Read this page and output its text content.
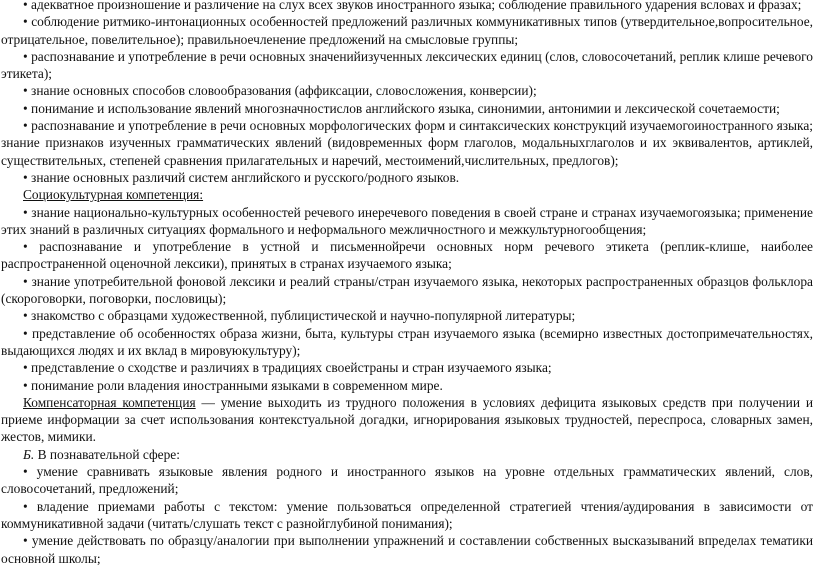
• адекватное произношение и различение на слух всех звуков иностранного языка; соблюдение правильного ударения всловах и фразах;

• соблюдение ритмико-интонационных особенностей предложений различных коммуникативных типов (утвердительное,вопросительное, отрицательное, повелительное); правильноечленение предложений на смысловые группы;

• распознавание и употребление в речи основных значенийизученных лексических единиц (слов, словосочетаний, реплик клише речевого этикета);

• знание основных способов словообразования (аффиксации, словосложения, конверсии);

• понимание и использование явлений многозначностислов английского языка, синонимии, антонимии и лексической сочетаемости;

• распознавание и употребление в речи основных морфологических форм и синтаксических конструкций изучаемогоиностранного языка; знание признаков изученных грамматических явлений (видовременных форм глаголов, модальныхглаголов и их эквивалентов, артиклей, существительных, степеней сравнения прилагательных и наречий, местоимений,числительных, предлогов);

• знание основных различий систем английского и русского/родного языков.

Социокультурная компетенция:

• знание национально-культурных особенностей речевого инеречевого поведения в своей стране и странах изучаемогоязыка; применение этих знаний в различных ситуациях формального и неформального межличностного и межкультурногообщения;

• распознавание и употребление в устной и письменнойречи основных норм речевого этикета (реплик-клише, наиболее распространенной оценочной лексики), принятых в странах изучаемого языка;

• знание употребительной фоновой лексики и реалий страны/стран изучаемого языка, некоторых распространенных образцов фольклора (скороговорки, поговорки, пословицы);

• знакомство с образцами художественной, публицистической и научно-популярной литературы;

• представление об особенностях образа жизни, быта, культуры стран изучаемого языка (всемирно известных достопримечательностях, выдающихся людях и их вклад в мировуюкультуру);

• представление о сходстве и различиях в традициях своейстраны и стран изучаемого языка;

• понимание роли владения иностранными языками в современном мире.

Компенсаторная компетенция — умение выходить из трудного положения в условиях дефицита языковых средств при получении и приеме информации за счет использования контекстуальной догадки, игнорирования языковых трудностей, переспроса, словарных замен, жестов, мимики.

Б. В познавательной сфере:

• умение сравнивать языковые явления родного и иностранного языков на уровне отдельных грамматических явлений, слов, словосочетаний, предложений;

• владение приемами работы с текстом: умение пользоваться определенной стратегией чтения/аудирования в зависимости от коммуникативной задачи (читать/слушать текст с разнойглубиной понимания);

• умение действовать по образцу/аналогии при выполнении упражнений и составлении собственных высказываний впределах тематики основной школы;
